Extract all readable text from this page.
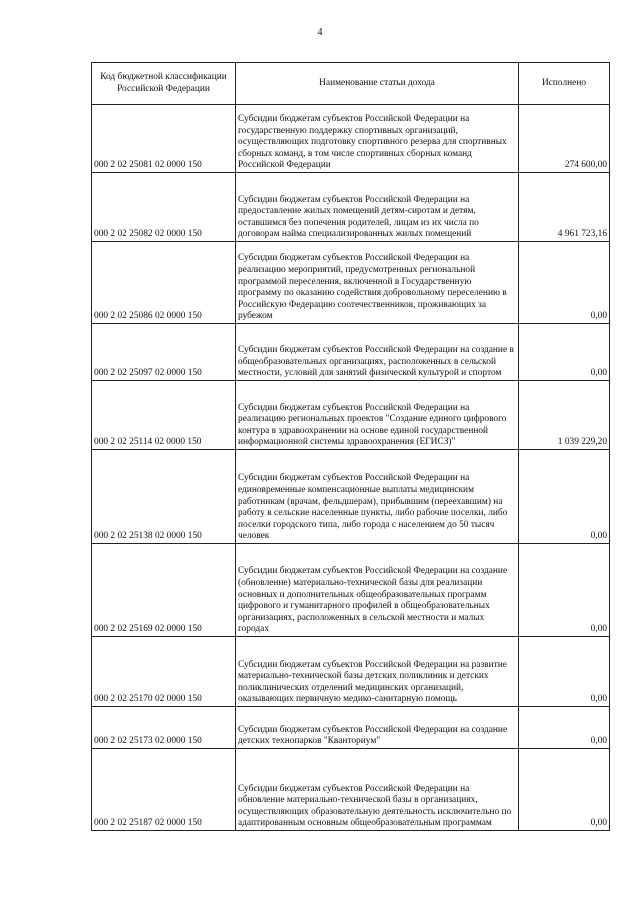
4
Код бюджетной классификации Российской Федерации	Наименование статьи дохода	Исполнено
000 2 02 25081 02 0000 150	Субсидии бюджетам субъектов Российской Федерации на государственную поддержку спортивных организаций, осуществляющих подготовку спортивного резерва для спортивных сборных команд, в том числе спортивных сборных команд Российской Федерации	274 600,00
000 2 02 25082 02 0000 150	Субсидии бюджетам субъектов Российской Федерации на предоставление жилых помещений детям-сиротам и детям, оставшимся без попечения родителей, лицам из их числа по договорам найма специализированных жилых помещений	4 961 723,16
000 2 02 25086 02 0000 150	Субсидии бюджетам субъектов Российской Федерации на реализацию мероприятий, предусмотренных региональной программой переселения, включенной в Государственную программу по оказанию содействия добровольному переселению в Российскую Федерацию соотечественников, проживающих за рубежом	0,00
000 2 02 25097 02 0000 150	Субсидии бюджетам субъектов Российской Федерации на создание в общеобразовательных организациях, расположенных в сельской местности, условий для занятий физической культурой и спортом	0,00
000 2 02 25114 02 0000 150	Субсидии бюджетам субъектов Российской Федерации на реализацию региональных проектов "Создание единого цифрового контура в здравоохранении на основе единой государственной информационной системы здравоохранения (ЕГИСЗ)"	1 039 229,20
000 2 02 25138 02 0000 150	Субсидии бюджетам субъектов Российской Федерации на единовременные компенсационные выплаты медицинским работникам (врачам, фельдшерам), прибывшим (переехавшим) на работу в сельские населенные пункты, либо рабочие поселки, либо поселки городского типа, либо города с населением до 50 тысяч человек	0,00
000 2 02 25169 02 0000 150	Субсидии бюджетам субъектов Российской Федерации на создание (обновление) материально-технической базы для реализации основных и дополнительных общеобразовательных программ цифрового и гуманитарного профилей в общеобразовательных организациях, расположенных в сельской местности и малых городах	0,00
000 2 02 25170 02 0000 150	Субсидии бюджетам субъектов Российской Федерации на развитие материально-технической базы детских поликлиник и детских поликлинических отделений медицинских организаций, оказывающих первичную медико-санитарную помощь	0,00
000 2 02 25173 02 0000 150	Субсидии бюджетам субъектов Российской Федерации на создание детских технопарков "Кванториум"	0,00
000 2 02 25187 02 0000 150	Субсидии бюджетам субъектов Российской Федерации на обновление материально-технической базы в организациях, осуществляющих образовательную деятельность исключительно по адаптированным основным общеобразовательным программам	0,00
